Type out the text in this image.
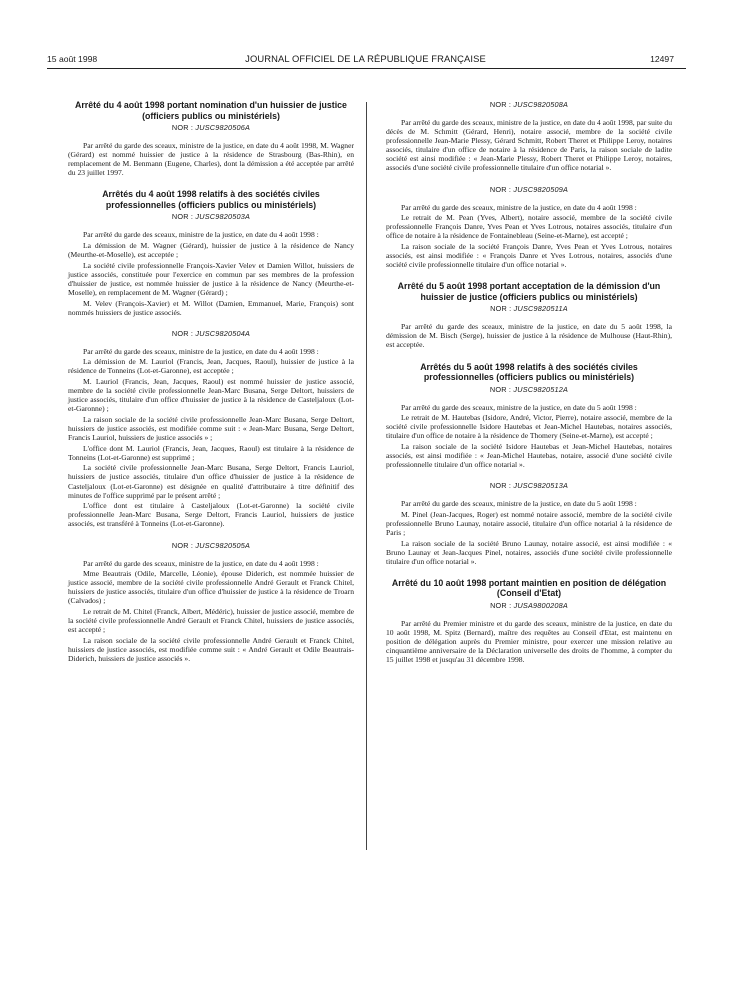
15 août 1998	JOURNAL OFFICIEL DE LA RÉPUBLIQUE FRANÇAISE	12497
Arrêté du 4 août 1998 portant nomination d'un huissier de justice (officiers publics ou ministériels)
NOR : JUSC9820506A

Par arrêté du garde des sceaux, ministre de la justice, en date du 4 août 1998, M. Wagner (Gérard) est nommé huissier de justice à la résidence de Strasbourg (Bas-Rhin), en remplacement de M. Benmann (Eugene, Charles), dont la démission a été acceptée par arrêté du 23 juillet 1997.

Arrêtés du 4 août 1998 relatifs à des sociétés civiles professionnelles (officiers publics ou ministériels)
NOR : JUSC9820503A

Par arrêté du garde des sceaux, ministre de la justice, en date du 4 août 1998 :

La démission de M. Wagner (Gérard), huissier de justice à la résidence de Nancy (Meurthe-et-Moselle), est acceptée ;

La société civile professionnelle François-Xavier Velev et Damien Willot, huissiers de justice associés, constituée pour l'exercice en commun par ses membres de la profession d'huissier de justice, est nommée huissier de justice à la résidence de Nancy (Meurthe-et-Moselle), en remplacement de M. Wagner (Gérard) ;

M. Velev (François-Xavier) et M. Willot (Damien, Emmanuel, Marie, François) sont nommés huissiers de justice associés.

NOR : JUSC9820504A

Par arrêté du garde des sceaux, ministre de la justice, en date du 4 août 1998 :

La démission de M. Lauriol (Francis, Jean, Jacques, Raoul), huissier de justice à la résidence de Tonneins (Lot-et-Garonne), est acceptée ;

M. Lauriol (Francis, Jean, Jacques, Raoul) est nommé huissier de justice associé, membre de la société civile professionnelle Jean-Marc Busana, Serge Deltort, huissiers de justice associés, titulaire d'un office d'huissier de justice à la résidence de Casteljaloux (Lot-et-Garonne) ;

La raison sociale de la société civile professionnelle Jean-Marc Busana, Serge Deltort, huissiers de justice associés, est modifiée comme suit : « Jean-Marc Busana, Serge Deltort, Francis Lauriol, huissiers de justice associés » ;

L'office dont M. Lauriol (Francis, Jean, Jacques, Raoul) est titulaire à la résidence de Tonneins (Lot-et-Garonne) est supprimé ;

La société civile professionnelle Jean-Marc Busana, Serge Deltort, Francis Lauriol, huissiers de justice associés, titulaire d'un office d'huissier de justice à la résidence de Casteljaloux (Lot-et-Garonne) est désignée en qualité d'attributaire à titre définitif des minutes de l'office supprimé par le présent arrêté ;

L'office dont est titulaire à Casteljaloux (Lot-et-Garonne) la société civile professionnelle Jean-Marc Busana, Serge Deltort, Francis Lauriol, huissiers de justice associés, est transféré à Tonneins (Lot-et-Garonne).

NOR : JUSC9820505A

Par arrêté du garde des sceaux, ministre de la justice, en date du 4 août 1998 :

Mme Beautrais (Odile, Marcelle, Léonie), épouse Diderich, est nommée huissier de justice associé, membre de la société civile professionnelle André Gerault et Franck Chitel, huissiers de justice associés, titulaire d'un office d'huissier de justice à la résidence de Troarn (Calvados) ;

Le retrait de M. Chitel (Franck, Albert, Médéric), huissier de justice associé, membre de la société civile professionnelle André Gerault et Franck Chitel, huissiers de justice associés, est accepté ;

La raison sociale de la société civile professionnelle André Gerault et Franck Chitel, huissiers de justice associés, est modifiée comme suit : « André Gerault et Odile Beautrais-Diderich, huissiers de justice associés ».

NOR : JUSC9820508A

Par arrêté du garde des sceaux, ministre de la justice, en date du 4 août 1998, par suite du décès de M. Schmitt (Gérard, Henri), notaire associé, membre de la société civile professionnelle Jean-Marie Plessy, Gérard Schmitt, Robert Theret et Philippe Leroy, notaires associés, titulaire d'un office de notaire à la résidence de Paris, la raison sociale de ladite société est ainsi modifiée : « Jean-Marie Plessy, Robert Theret et Philippe Leroy, notaires, associés d'une société civile professionnelle titulaire d'un office notarial ».

NOR : JUSC9820509A

Par arrêté du garde des sceaux, ministre de la justice, en date du 4 août 1998 :

Le retrait de M. Pean (Yves, Albert), notaire associé, membre de la société civile professionnelle François Danre, Yves Pean et Yves Lotrous, notaires associés, titulaire d'un office de notaire à la résidence de Fontainebleau (Seine-et-Marne), est accepté ;

La raison sociale de la société François Danre, Yves Pean et Yves Lotrous, notaires associés, est ainsi modifiée : « François Danre et Yves Lotrous, notaires, associés d'une société civile professionnelle titulaire d'un office notarial ».

Arrêté du 5 août 1998 portant acceptation de la démission d'un huissier de justice (officiers publics ou ministériels)
NOR : JUSC9820511A

Par arrêté du garde des sceaux, ministre de la justice, en date du 5 août 1998, la démission de M. Bisch (Serge), huissier de justice à la résidence de Mulhouse (Haut-Rhin), est acceptée.

Arrêtés du 5 août 1998 relatifs à des sociétés civiles professionnelles (officiers publics ou ministériels)
NOR : JUSC9820512A

Par arrêté du garde des sceaux, ministre de la justice, en date du 5 août 1998 :

Le retrait de M. Hautebas (Isidore, André, Victor, Pierre), notaire associé, membre de la société civile professionnelle Isidore Hautebas et Jean-Michel Hautebas, notaires associés, titulaire d'un office de notaire à la résidence de Thomery (Seine-et-Marne), est accepté ;

La raison sociale de la société Isidore Hautebas et Jean-Michel Hautebas, notaires associés, est ainsi modifiée : « Jean-Michel Hautebas, notaire, associé d'une société civile professionnelle titulaire d'un office notarial ».

NOR : JUSC9820513A

Par arrêté du garde des sceaux, ministre de la justice, en date du 5 août 1998 :

M. Pinel (Jean-Jacques, Roger) est nommé notaire associé, membre de la société civile professionnelle Bruno Launay, notaire associé, titulaire d'un office notarial à la résidence de Paris ;

La raison sociale de la société Bruno Launay, notaire associé, est ainsi modifiée : « Bruno Launay et Jean-Jacques Pinel, notaires, associés d'une société civile professionnelle titulaire d'un office notarial ».

Arrêté du 10 août 1998 portant maintien en position de délégation (Conseil d'Etat)
NOR : JUSA9800208A

Par arrêté du Premier ministre et du garde des sceaux, ministre de la justice, en date du 10 août 1998, M. Spitz (Bernard), maître des requêtes au Conseil d'Etat, est maintenu en position de délégation auprès du Premier ministre, pour exercer une mission relative au cinquantième anniversaire de la Déclaration universelle des droits de l'homme, à compter du 15 juillet 1998 et jusqu'au 31 décembre 1998.
